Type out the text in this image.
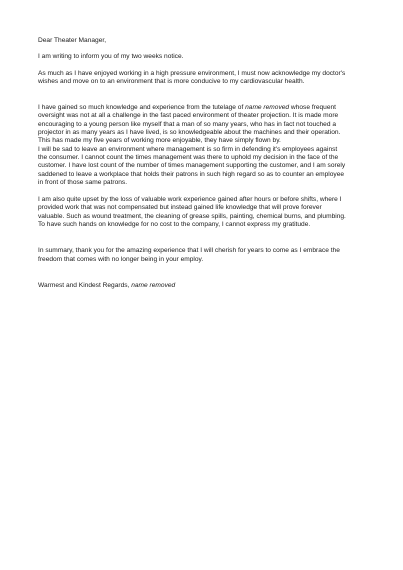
Dear Theater Manager,

I am writing to inform you of my two weeks notice.

As much as I have enjoyed working in a high pressure environment, I must now acknowledge my doctor's wishes and move on to an environment that is more conducive to my cardiovascular health.

I have gained so much knowledge and experience from the tutelage of name removed whose frequent oversight was not at all a challenge in the fast paced environment of theater projection. It is made more encouraging to a young person like myself that a man of so many years, who has in fact not touched a projector in as many years as I have lived, is so knowledgeable about the machines and their operation. This has made my five years of working more enjoyable, they have simply flown by.

I will be sad to leave an environment where management is so firm in defending it's employees against the consumer. I cannot count the times management was there to uphold my decision in the face of the customer. I have lost count of the number of times management supporting the customer, and I am sorely saddened to leave a workplace that holds their patrons in such high regard so as to counter an employee in front of those same patrons.

I am also quite upset by the loss of valuable work experience gained after hours or before shifts, where I provided work that was not compensated but instead gained life knowledge that will prove forever valuable. Such as wound treatment, the cleaning of grease spills, painting, chemical burns, and plumbing. To have such hands on knowledge for no cost to the company, I cannot express my gratitude.

In summary, thank you for the amazing experience that I will cherish for years to come as I embrace the freedom that comes with no longer being in your employ.

Warmest and Kindest Regards, name removed
